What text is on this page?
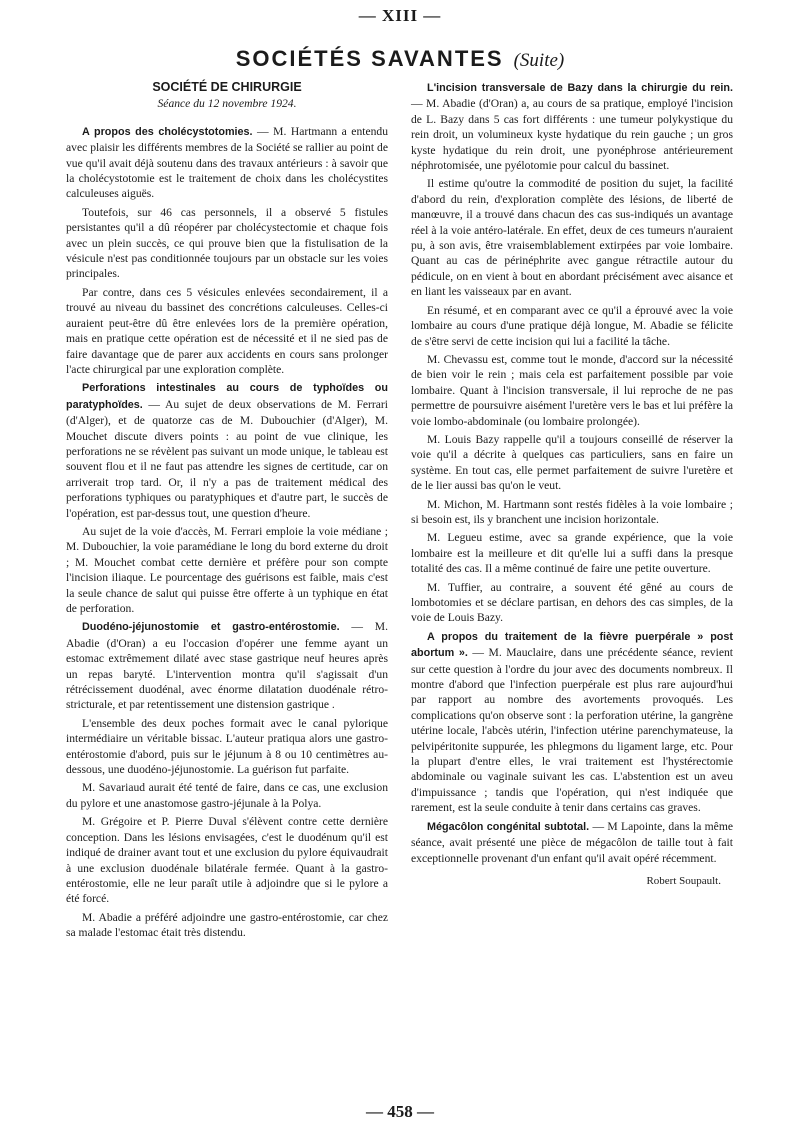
— XIII —
SOCIÉTÉS SAVANTES (Suite)
SOCIÉTÉ DE CHIRURGIE
Séance du 12 novembre 1924.

A propos des cholécystotomies. — M. Hartmann a entendu avec plaisir les différents membres de la Société se rallier au point de vue qu'il avait déjà soutenu dans des travaux antérieurs : à savoir que la cholécystotomie est le traitement de choix dans les cholécystites calculeuses aiguës.

Toutefois, sur 46 cas personnels, il a observé 5 fistules persistantes qu'il a dû réopérer par cholécystectomie et chaque fois avec un plein succès, ce qui prouve bien que la fistulisation de la vésicule n'est pas conditionnée toujours par un obstacle sur les voies principales.

Par contre, dans ces 5 vésicules enlevées secondairement, il a trouvé au niveau du bassinet des concrétions calculeuses. Celles-ci auraient peut-être dû être enlevées lors de la première opération, mais en pratique cette opération est de nécessité et il ne sied pas de faire davantage que de parer aux accidents en cours sans prolonger l'acte chirurgical par une exploration complète.

Perforations intestinales au cours de typhoïdes ou paratyphoïdes. — Au sujet de deux observations de M. Ferrari (d'Alger), et de quatorze cas de M. Dubouchier (d'Alger), M. Mouchet discute divers points : au point de vue clinique, les perforations ne se révèlent pas suivant un mode unique, le tableau est souvent flou et il ne faut pas attendre les signes de certitude, car on arriverait trop tard. Or, il n'y a pas de traitement médical des perforations typhiques ou paratyphiques et d'autre part, le succès de l'opération, est par-dessus tout, une question d'heure.

Au sujet de la voie d'accès, M. Ferrari emploie la voie médiane ; M. Dubouchier, la voie paramédiane le long du bord externe du droit ; M. Mouchet combat cette dernière et préfère pour son compte l'incision iliaque. Le pourcentage des guérisons est faible, mais c'est la seule chance de salut qui puisse être offerte à un typhique en état de perforation.

Duodéno-jéjunostomie et gastro-entérostomie. — M. Abadie (d'Oran) a eu l'occasion d'opérer une femme ayant un estomac extrêmement dilaté avec stase gastrique neuf heures après un repas baryté. L'intervention montra qu'il s'agissait d'un rétrécissement duodénal, avec énorme dilatation duodénale rétro-stricturale, et par retentissement une distension gastrique .

L'ensemble des deux poches formait avec le canal pylorique intermédiaire un véritable bissac. L'auteur pratiqua alors une gastro-entérostomie d'abord, puis sur le jéjunum à 8 ou 10 centimètres au-dessous, une duodéno-jéjunostomie. La guérison fut parfaite.

M. Savariaud aurait été tenté de faire, dans ce cas, une exclusion du pylore et une anastomose gastro-jéjunale à la Polya.

M. Grégoire et P. Pierre Duval s'élèvent contre cette dernière conception. Dans les lésions envisagées, c'est le duodénum qu'il est indiqué de drainer avant tout et une exclusion du pylore équivaudrait à une exclusion duodénale bilatérale fermée. Quant à la gastro-entérostomie, elle ne leur paraît utile à adjoindre que si le pylore a été forcé.

M. Abadie a préféré adjoindre une gastro-entérostomie, car chez sa malade l'estomac était très distendu.

L'incision transversale de Bazy dans la chirurgie du rein. — M. Abadie (d'Oran) a, au cours de sa pratique, employé l'incision de L. Bazy dans 5 cas fort différents : une tumeur polykystique du rein droit, un volumineux kyste hydatique du rein gauche ; un gros kyste hydatique du rein droit, une pyonéphrose antérieurement néphrotomisée, une pyélotomie pour calcul du bassinet.

Il estime qu'outre la commodité de position du sujet, la facilité d'abord du rein, d'exploration complète des lésions, de liberté de manœuvre, il a trouvé dans chacun des cas sus-indiqués un avantage réel à la voie antéro-latérale. En effet, deux de ces tumeurs n'auraient pu, à son avis, être vraisemblablement extirpées par voie lombaire. Quant au cas de périnéphrite avec gangue rétractile autour du pédicule, on en vient à bout en abordant précisément avec aisance et en liant les vaisseaux par en avant.

En résumé, et en comparant avec ce qu'il a éprouvé avec la voie lombaire au cours d'une pratique déjà longue, M. Abadie se félicite de s'être servi de cette incision qui lui a facilité la tâche.

M. Chevassu est, comme tout le monde, d'accord sur la nécessité de bien voir le rein ; mais cela est parfaitement possible par voie lombaire. Quant à l'incision transversale, il lui reproche de ne pas permettre de poursuivre aisément l'uretère vers le bas et lui préfère la voie lombo-abdominale (ou lombaire prolongée).

M. Louis Bazy rappelle qu'il a toujours conseillé de réserver la voie qu'il a décrite à quelques cas particuliers, sans en faire un système. En tout cas, elle permet parfaitement de suivre l'uretère et de le lier aussi bas qu'on le veut.

M. Michon, M. Hartmann sont restés fidèles à la voie lombaire ; si besoin est, ils y branchent une incision horizontale.

M. Legueu estime, avec sa grande expérience, que la voie lombaire est la meilleure et dit qu'elle lui a suffi dans la presque totalité des cas. Il a même continué de faire une petite ouverture.

M. Tuffier, au contraire, a souvent été gêné au cours de lombotomies et se déclare partisan, en dehors des cas simples, de la voie de Louis Bazy.

A propos du traitement de la fièvre puerpérale » post abortum ». — M. Mauclaire, dans une précédente séance, revient sur cette question à l'ordre du jour avec des documents nombreux. Il montre d'abord que l'infection puerpérale est plus rare aujourd'hui par rapport au nombre des avortements provoqués. Les complications qu'on observe sont : la perforation utérine, la gangrène utérine locale, l'abcès utérin, l'infection utérine parenchymateuse, la pelvipéritonite suppurée, les phlegmons du ligament large, etc. Pour la plupart d'entre elles, le vrai traitement est l'hystérectomie abdominale ou vaginale suivant les cas. L'abstention est un aveu d'impuissance ; tandis que l'opération, qui n'est indiquée que rarement, est la seule conduite à tenir dans certains cas graves.

Mégacôlon congénital subtotal. — M Lapointe, dans la même séance, avait présenté une pièce de mégacôlon de taille tout à fait exceptionnelle provenant d'un enfant qu'il avait opéré récemment.

Robert Soupault.

— 458 —
